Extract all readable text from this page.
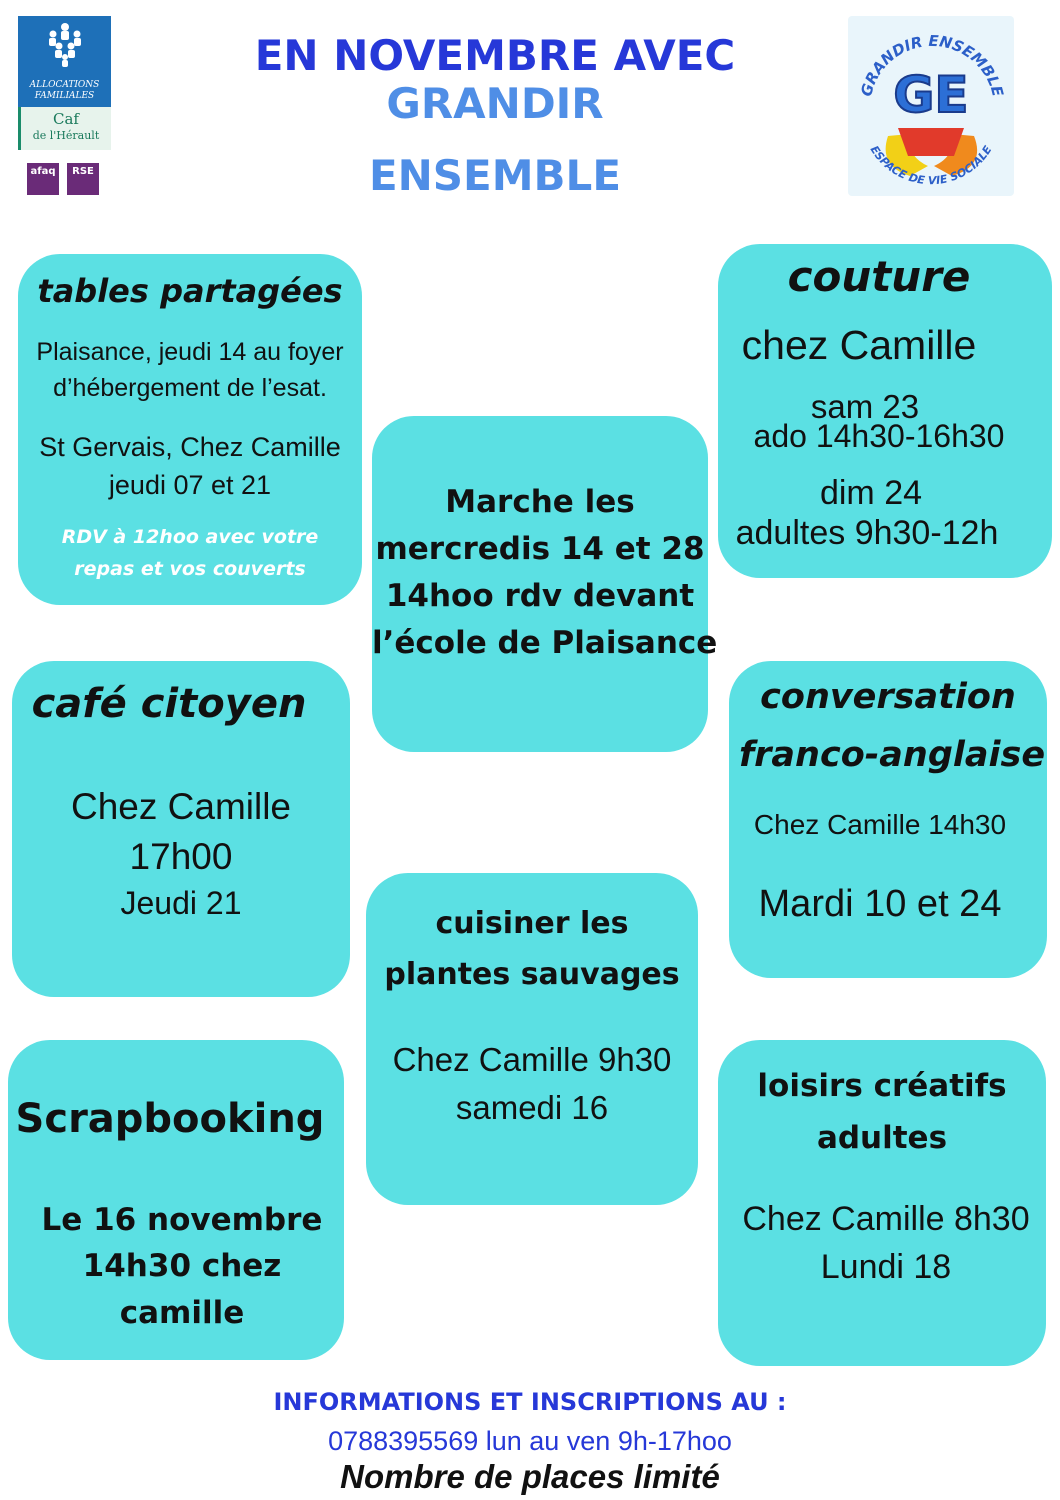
ALLOCATIONS
FAMILIALES
Caf
de l'Hérault
afaq RSE
EN NOVEMBRE AVEC GRANDIR
ENSEMBLE
GE
GRANDIR ENSEMBLE
ESPACE DE VIE SOCIALE
tables partagées
Plaisance, jeudi 14 au foyer
d’hébergement de l’esat.
St Gervais, Chez Camille
jeudi 07 et 21
RDV à 12hoo avec votre
repas et vos couverts
Marche les
mercredis 14 et 28
14hoo rdv devant
l’école de Plaisance
couture
chez Camille
sam 23
ado 14h30-16h30
dim 24
adultes 9h30-12h
café citoyen
Chez Camille
17h00
Jeudi 21
conversation
franco-anglaise
Chez Camille 14h30
Mardi 10 et 24
cuisiner les
plantes sauvages
Chez Camille 9h30
samedi 16
Scrapbooking
Le 16 novembre
14h30 chez
camille
loisirs créatifs
adultes
Chez Camille 8h30
Lundi 18
INFORMATIONS ET INSCRIPTIONS AU :
0788395569 lun au ven 9h-17hoo
Nombre de places limité
